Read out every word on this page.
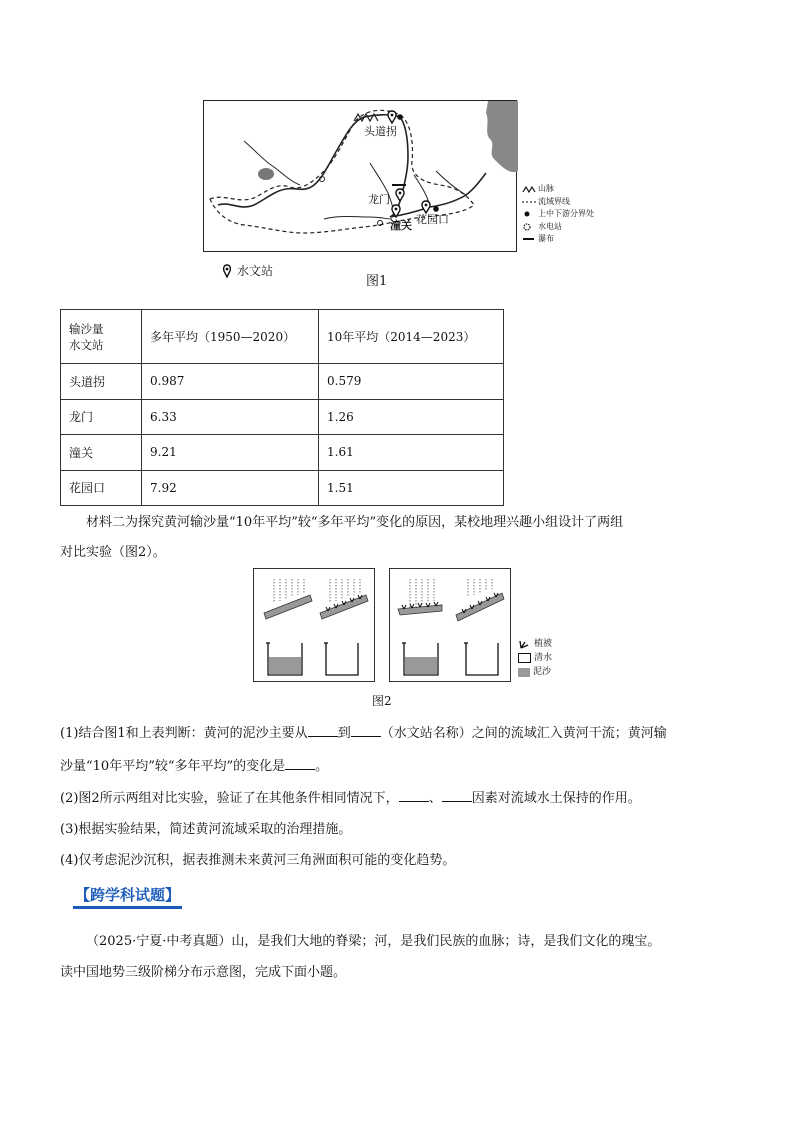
头道拐
龙门
潼关 花园口
山脉
流域界线
上中下游分界处
水电站
瀑布
水文站
图1
输沙量
水文站	多年平均（1950—2020）	10年平均（2014—2023）
头道拐	0.987	0.579
龙门	6.33	1.26
潼关	9.21	1.61
花园口	7.92	1.51
材料二为探究黄河输沙量“10年平均”较“多年平均”变化的原因，某校地理兴趣小组设计了两组
对比实验（图2）。
植被
清水
泥沙
图2
(1)结合图1和上表判断：黄河的泥沙主要从 到 （水文站名称）之间的流域汇入黄河干流；黄河输
沙量“10年平均”较“多年平均”的变化是 。
(2)图2所示两组对比实验，验证了在其他条件相同情况下， 、 因素对流域水土保持的作用。
(3)根据实验结果，简述黄河流域采取的治理措施。
(4)仅考虑泥沙沉积，据表推测未来黄河三角洲面积可能的变化趋势。
【跨学科试题】
（2025·宁夏·中考真题）山，是我们大地的脊梁；河，是我们民族的血脉；诗，是我们文化的瑰宝。
读中国地势三级阶梯分布示意图，完成下面小题。
